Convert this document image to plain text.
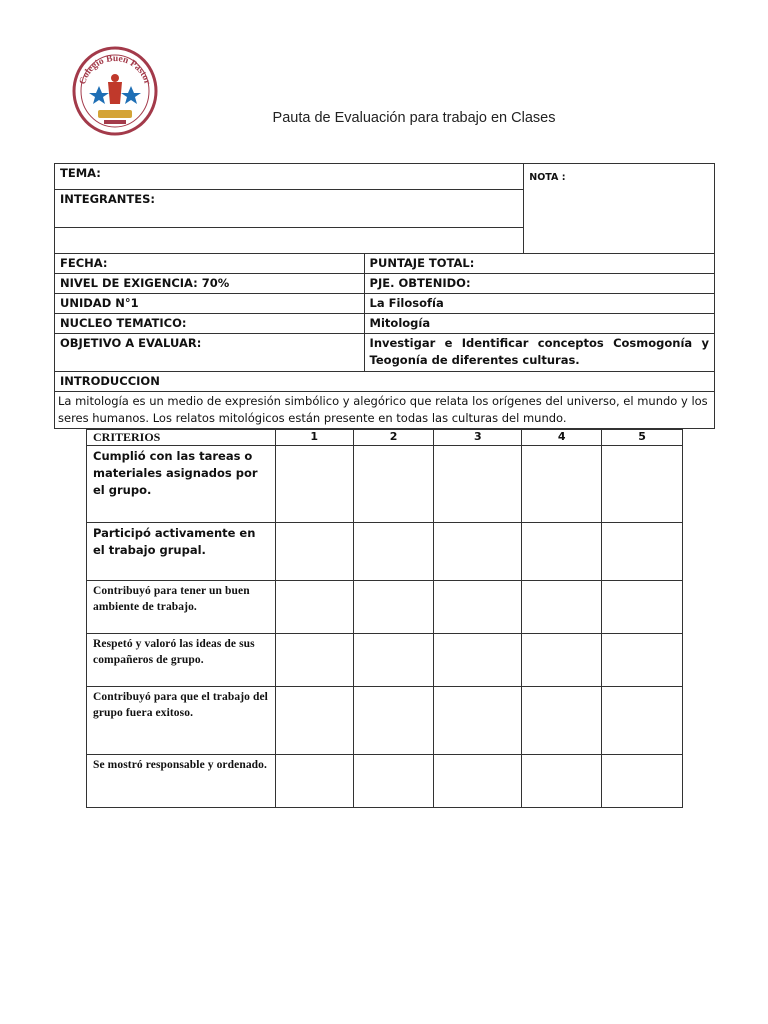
Colegio Buen Pastor
Pauta de Evaluación para trabajo en Clases
TEMA:		NOTA :
INTEGRANTES:		

FECHA:	PUNTAJE TOTAL:	
NIVEL DE EXIGENCIA: 70%	PJE. OBTENIDO:	
UNIDAD N°1	La Filosofía	
NUCLEO TEMATICO:	Mitología	
OBJETIVO A EVALUAR:	Investigar e Identificar conceptos Cosmogonía y Teogonía de diferentes culturas.	
INTRODUCCION		
La mitología es un medio de expresión simbólico y alegórico que relata los orígenes del universo, el mundo y los seres humanos. Los relatos mitológicos están presente en todas las culturas del mundo.		
CRITERIOS	1	2	3	4	5
Cumplió con las tareas o materiales asignados por el grupo.					
Participó activamente en el trabajo grupal.					
Contribuyó para tener un buen ambiente de trabajo.					
Respetó y valoró las ideas de sus compañeros de grupo.					
Contribuyó para que el trabajo del grupo fuera exitoso.					
Se mostró responsable y ordenado.					
